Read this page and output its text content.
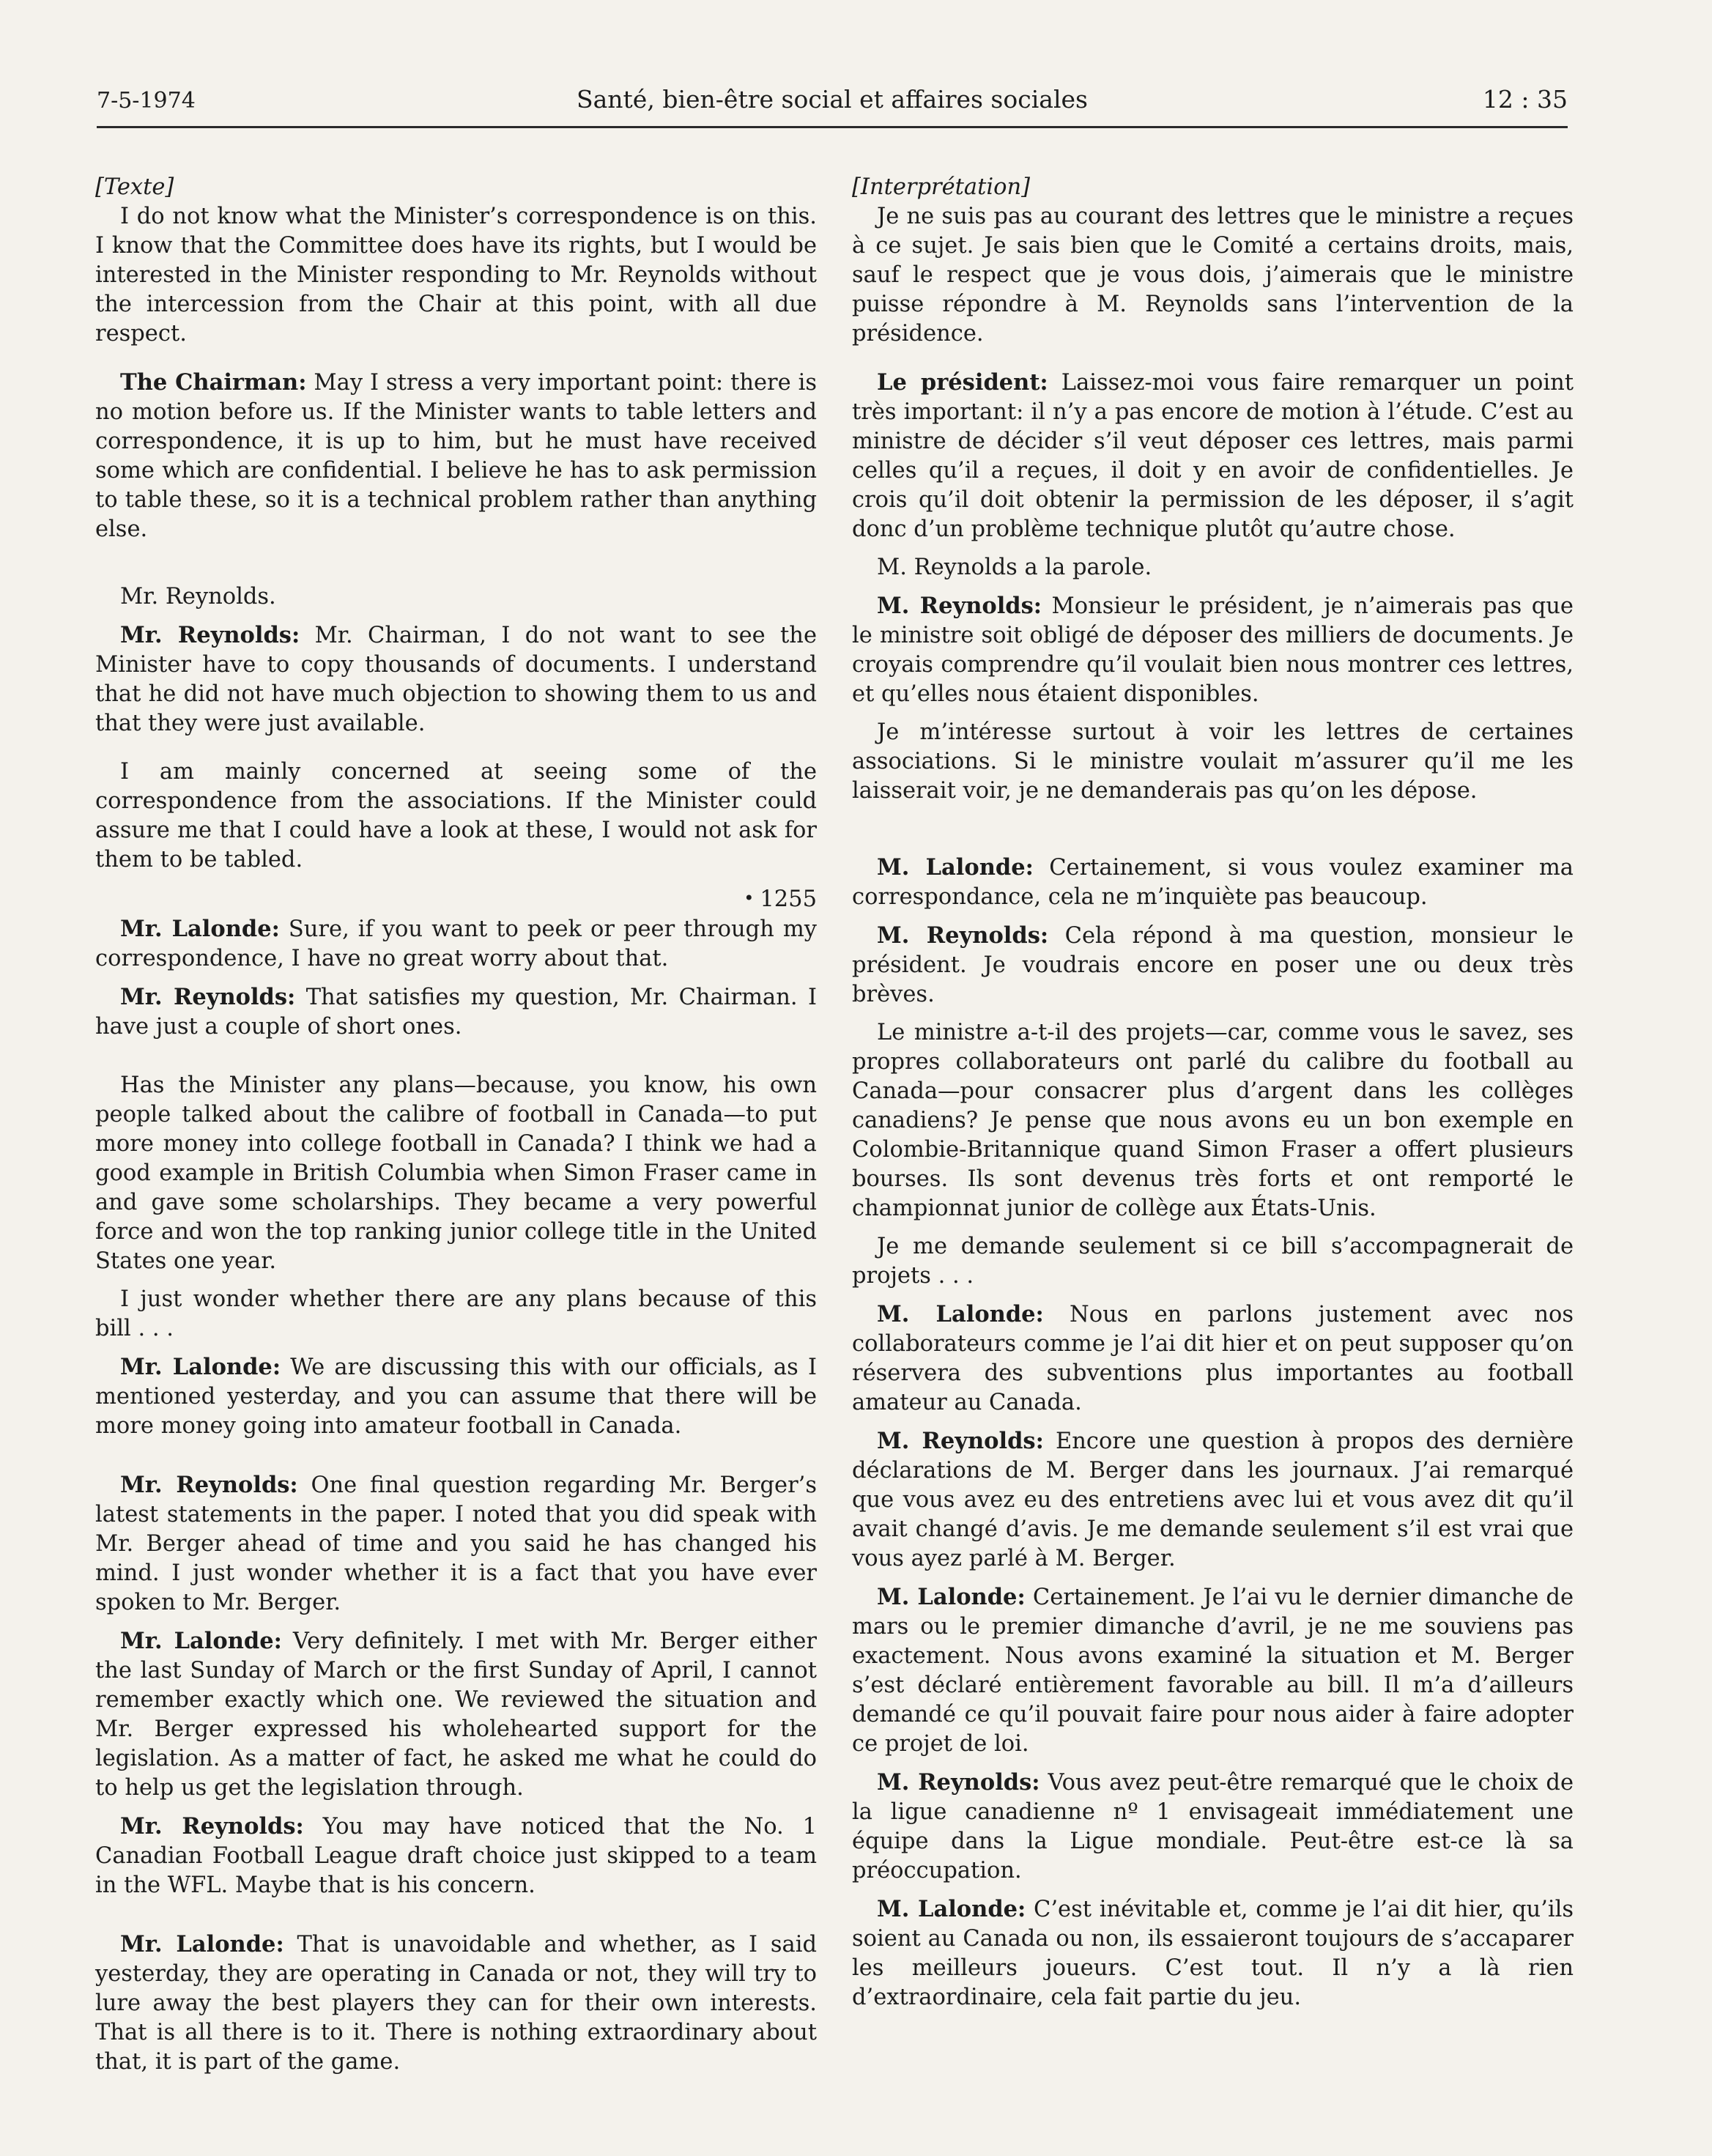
7-5-1974	Santé, bien-être social et affaires sociales	12 : 35

[Texte]

I do not know what the Minister’s correspondence is on this. I know that the Committee does have its rights, but I would be interested in the Minister responding to Mr. Reynolds without the intercession from the Chair at this point, with all due respect.

The Chairman: May I stress a very important point: there is no motion before us. If the Minister wants to table letters and correspondence, it is up to him, but he must have received some which are confidential. I believe he has to ask permission to table these, so it is a technical problem rather than anything else.

Mr. Reynolds.

Mr. Reynolds: Mr. Chairman, I do not want to see the Minister have to copy thousands of documents. I understand that he did not have much objection to showing them to us and that they were just available.

I am mainly concerned at seeing some of the correspondence from the associations. If the Minister could assure me that I could have a look at these, I would not ask for them to be tabled.

• 1255

Mr. Lalonde: Sure, if you want to peek or peer through my correspondence, I have no great worry about that.

Mr. Reynolds: That satisfies my question, Mr. Chairman. I have just a couple of short ones.

Has the Minister any plans—because, you know, his own people talked about the calibre of football in Canada—to put more money into college football in Canada? I think we had a good example in British Columbia when Simon Fraser came in and gave some scholarships. They became a very powerful force and won the top ranking junior college title in the United States one year.

I just wonder whether there are any plans because of this bill . . .

Mr. Lalonde: We are discussing this with our officials, as I mentioned yesterday, and you can assume that there will be more money going into amateur football in Canada.

Mr. Reynolds: One final question regarding Mr. Berger’s latest statements in the paper. I noted that you did speak with Mr. Berger ahead of time and you said he has changed his mind. I just wonder whether it is a fact that you have ever spoken to Mr. Berger.

Mr. Lalonde: Very definitely. I met with Mr. Berger either the last Sunday of March or the first Sunday of April, I cannot remember exactly which one. We reviewed the situation and Mr. Berger expressed his wholehearted support for the legislation. As a matter of fact, he asked me what he could do to help us get the legislation through.

Mr. Reynolds: You may have noticed that the No. 1 Canadian Football League draft choice just skipped to a team in the WFL. Maybe that is his concern.

Mr. Lalonde: That is unavoidable and whether, as I said yesterday, they are operating in Canada or not, they will try to lure away the best players they can for their own interests. That is all there is to it. There is nothing extraordinary about that, it is part of the game.

[Interprétation]

Je ne suis pas au courant des lettres que le ministre a reçues à ce sujet. Je sais bien que le Comité a certains droits, mais, sauf le respect que je vous dois, j’aimerais que le ministre puisse répondre à M. Reynolds sans l’intervention de la présidence.

Le président: Laissez-moi vous faire remarquer un point très important: il n’y a pas encore de motion à l’étude. C’est au ministre de décider s’il veut déposer ces lettres, mais parmi celles qu’il a reçues, il doit y en avoir de confidentielles. Je crois qu’il doit obtenir la permission de les déposer, il s’agit donc d’un problème technique plutôt qu’autre chose.

M. Reynolds a la parole.

M. Reynolds: Monsieur le président, je n’aimerais pas que le ministre soit obligé de déposer des milliers de documents. Je croyais comprendre qu’il voulait bien nous montrer ces lettres, et qu’elles nous étaient disponibles.

Je m’intéresse surtout à voir les lettres de certaines associations. Si le ministre voulait m’assurer qu’il me les laisserait voir, je ne demanderais pas qu’on les dépose.

M. Lalonde: Certainement, si vous voulez examiner ma correspondance, cela ne m’inquiète pas beaucoup.

M. Reynolds: Cela répond à ma question, monsieur le président. Je voudrais encore en poser une ou deux très brèves.

Le ministre a-t-il des projets—car, comme vous le savez, ses propres collaborateurs ont parlé du calibre du football au Canada—pour consacrer plus d’argent dans les collèges canadiens? Je pense que nous avons eu un bon exemple en Colombie-Britannique quand Simon Fraser a offert plusieurs bourses. Ils sont devenus très forts et ont remporté le championnat junior de collège aux États-Unis.

Je me demande seulement si ce bill s’accompagnerait de projets . . .

M. Lalonde: Nous en parlons justement avec nos collaborateurs comme je l’ai dit hier et on peut supposer qu’on réservera des subventions plus importantes au football amateur au Canada.

M. Reynolds: Encore une question à propos des dernière déclarations de M. Berger dans les journaux. J’ai remarqué que vous avez eu des entretiens avec lui et vous avez dit qu’il avait changé d’avis. Je me demande seulement s’il est vrai que vous ayez parlé à M. Berger.

M. Lalonde: Certainement. Je l’ai vu le dernier dimanche de mars ou le premier dimanche d’avril, je ne me souviens pas exactement. Nous avons examiné la situation et M. Berger s’est déclaré entièrement favorable au bill. Il m’a d’ailleurs demandé ce qu’il pouvait faire pour nous aider à faire adopter ce projet de loi.

M. Reynolds: Vous avez peut-être remarqué que le choix de la ligue canadienne nº 1 envisageait immédiatement une équipe dans la Ligue mondiale. Peut-être est-ce là sa préoccupation.

M. Lalonde: C’est inévitable et, comme je l’ai dit hier, qu’ils soient au Canada ou non, ils essaieront toujours de s’accaparer les meilleurs joueurs. C’est tout. Il n’y a là rien d’extraordinaire, cela fait partie du jeu.
